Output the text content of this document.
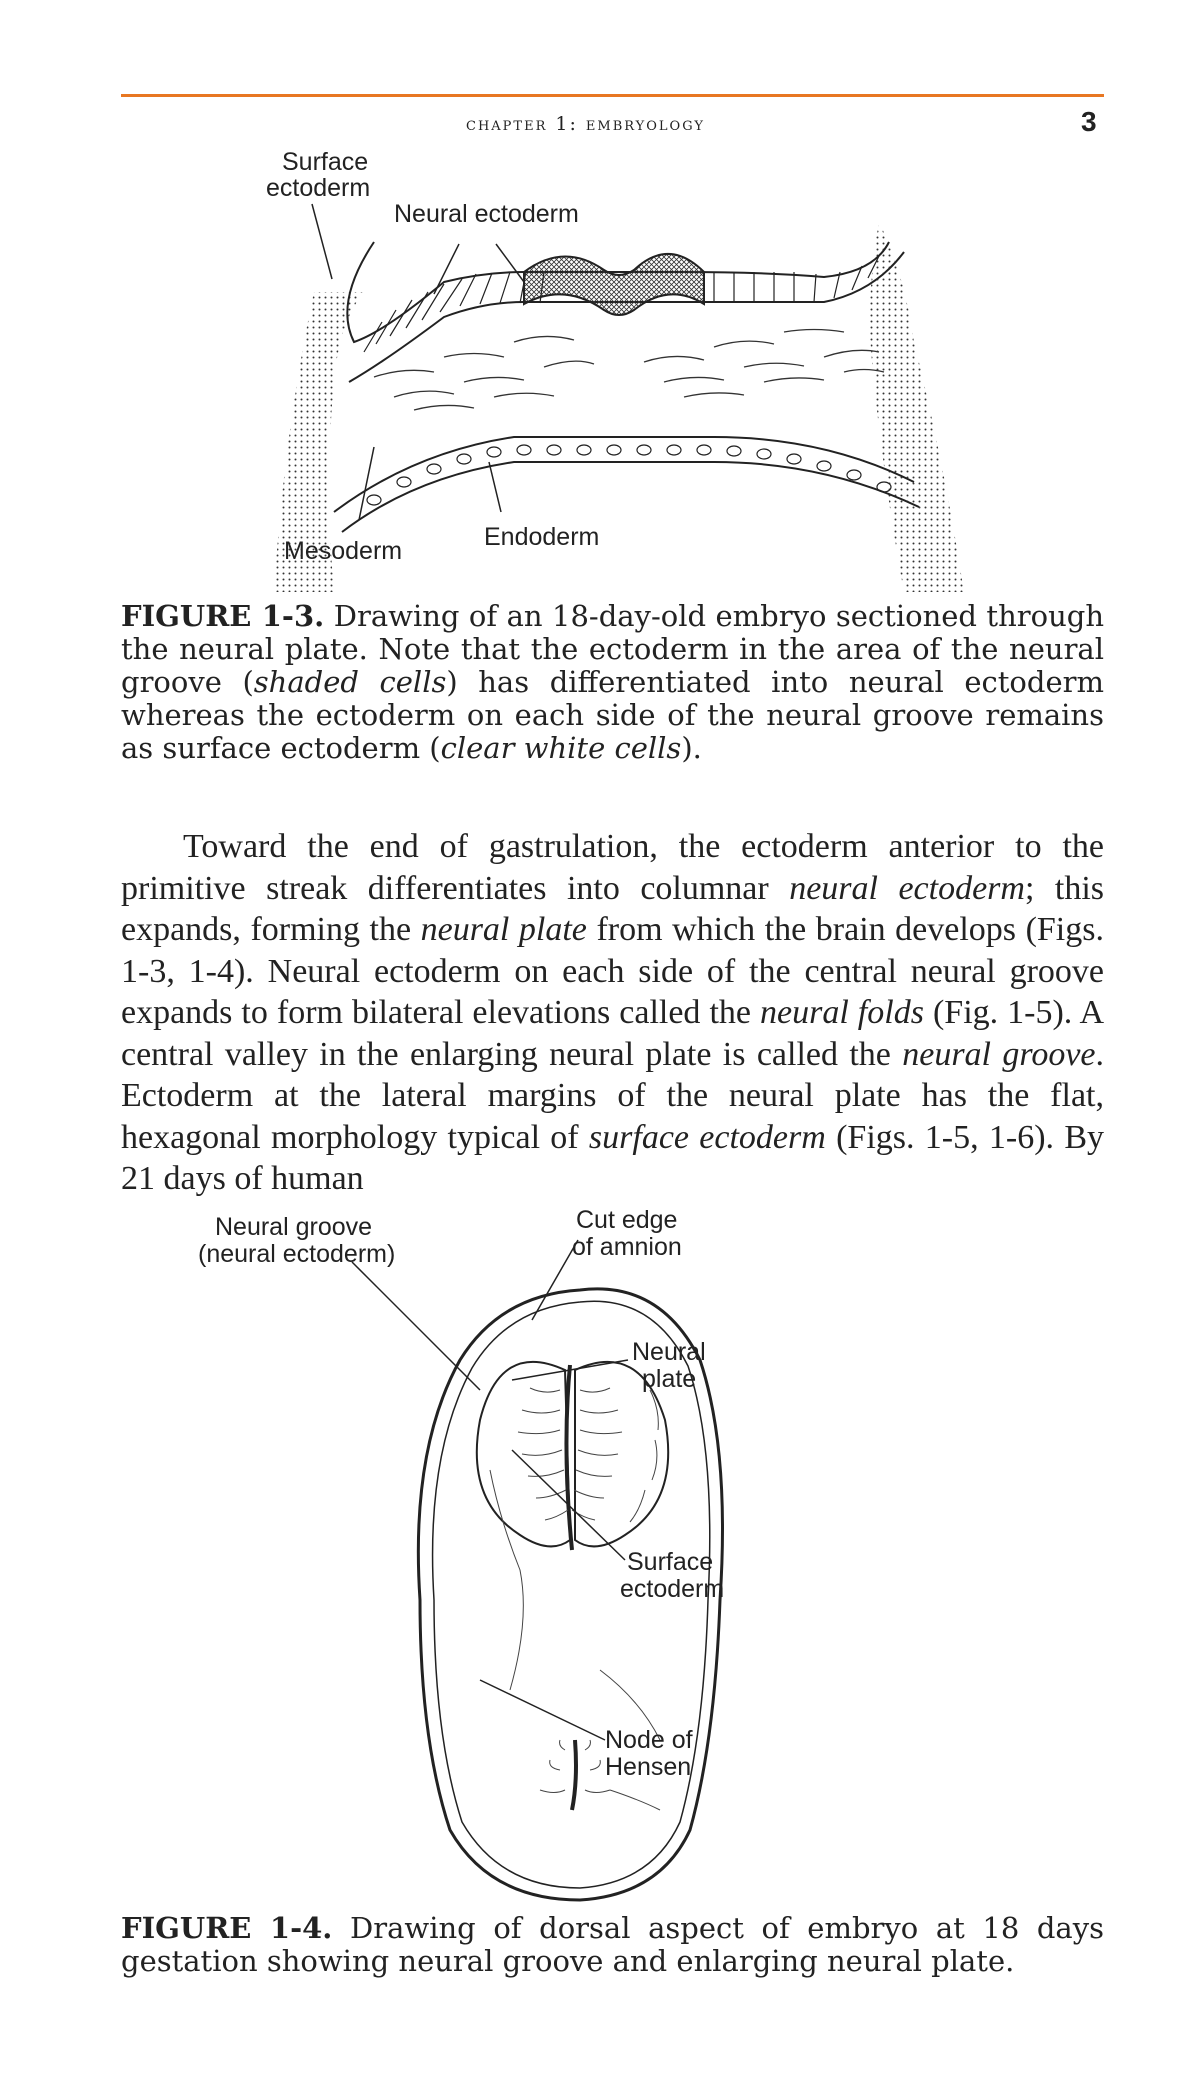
chapter 1: embryology	3
Surface
ectoderm
Neural ectoderm
Mesoderm	Endoderm
FIGURE 1-3. Drawing of an 18-day-old embryo sectioned through the neural plate. Note that the ectoderm in the area of the neural groove (shaded cells) has differentiated into neural ectoderm whereas the ectoderm on each side of the neural groove remains as surface ectoderm (clear white cells).

Toward the end of gastrulation, the ectoderm anterior to the primitive streak differentiates into columnar neural ectoderm; this expands, forming the neural plate from which the brain develops (Figs. 1-3, 1-4). Neural ectoderm on each side of the central neural groove expands to form bilateral elevations called the neural folds (Fig. 1-5). A central valley in the enlarging neural plate is called the neural groove. Ectoderm at the lateral margins of the neural plate has the flat, hexagonal morphology typical of surface ectoderm (Figs. 1-5, 1-6). By 21 days of human

Neural groove
(neural ectoderm)
Cut edge
of amnion
Neural
plate
Surface
ectoderm
Node of
Hensen
FIGURE 1-4. Drawing of dorsal aspect of embryo at 18 days gestation showing neural groove and enlarging neural plate.
